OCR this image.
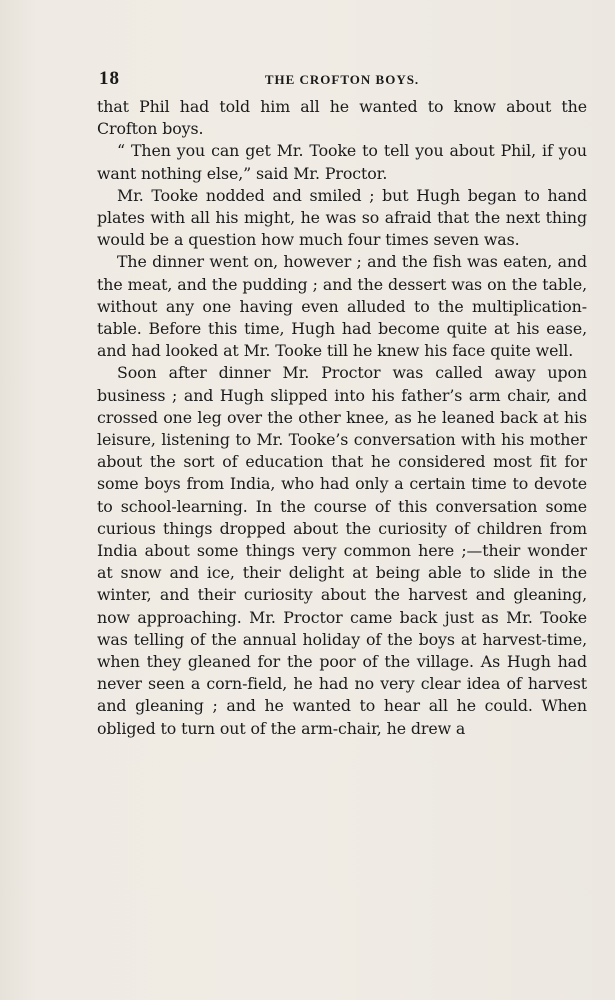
18	THE CROFTON BOYS.

that Phil had told him all he wanted to know about the Crofton boys.

“ Then you can get Mr. Tooke to tell you about Phil, if you want nothing else,” said Mr. Proctor.

Mr. Tooke nodded and smiled ; but Hugh began to hand plates with all his might, he was so afraid that the next thing would be a question how much four times seven was.

The dinner went on, however ; and the fish was eaten, and the meat, and the pudding ; and the dessert was on the table, without any one having even alluded to the multiplication-table. Before this time, Hugh had become quite at his ease, and had looked at Mr. Tooke till he knew his face quite well.

Soon after dinner Mr. Proctor was called away upon business ; and Hugh slipped into his father’s arm chair, and crossed one leg over the other knee, as he leaned back at his leisure, listening to Mr. Tooke’s conversation with his mother about the sort of education that he considered most fit for some boys from India, who had only a certain time to devote to school-learning. In the course of this conversation some curious things dropped about the curiosity of children from India about some things very common here ;—their wonder at snow and ice, their delight at being able to slide in the winter, and their curiosity about the harvest and gleaning, now approaching. Mr. Proctor came back just as Mr. Tooke was telling of the annual holiday of the boys at harvest-time, when they gleaned for the poor of the village. As Hugh had never seen a corn-field, he had no very clear idea of harvest and gleaning ; and he wanted to hear all he could. When obliged to turn out of the arm-chair, he drew a
